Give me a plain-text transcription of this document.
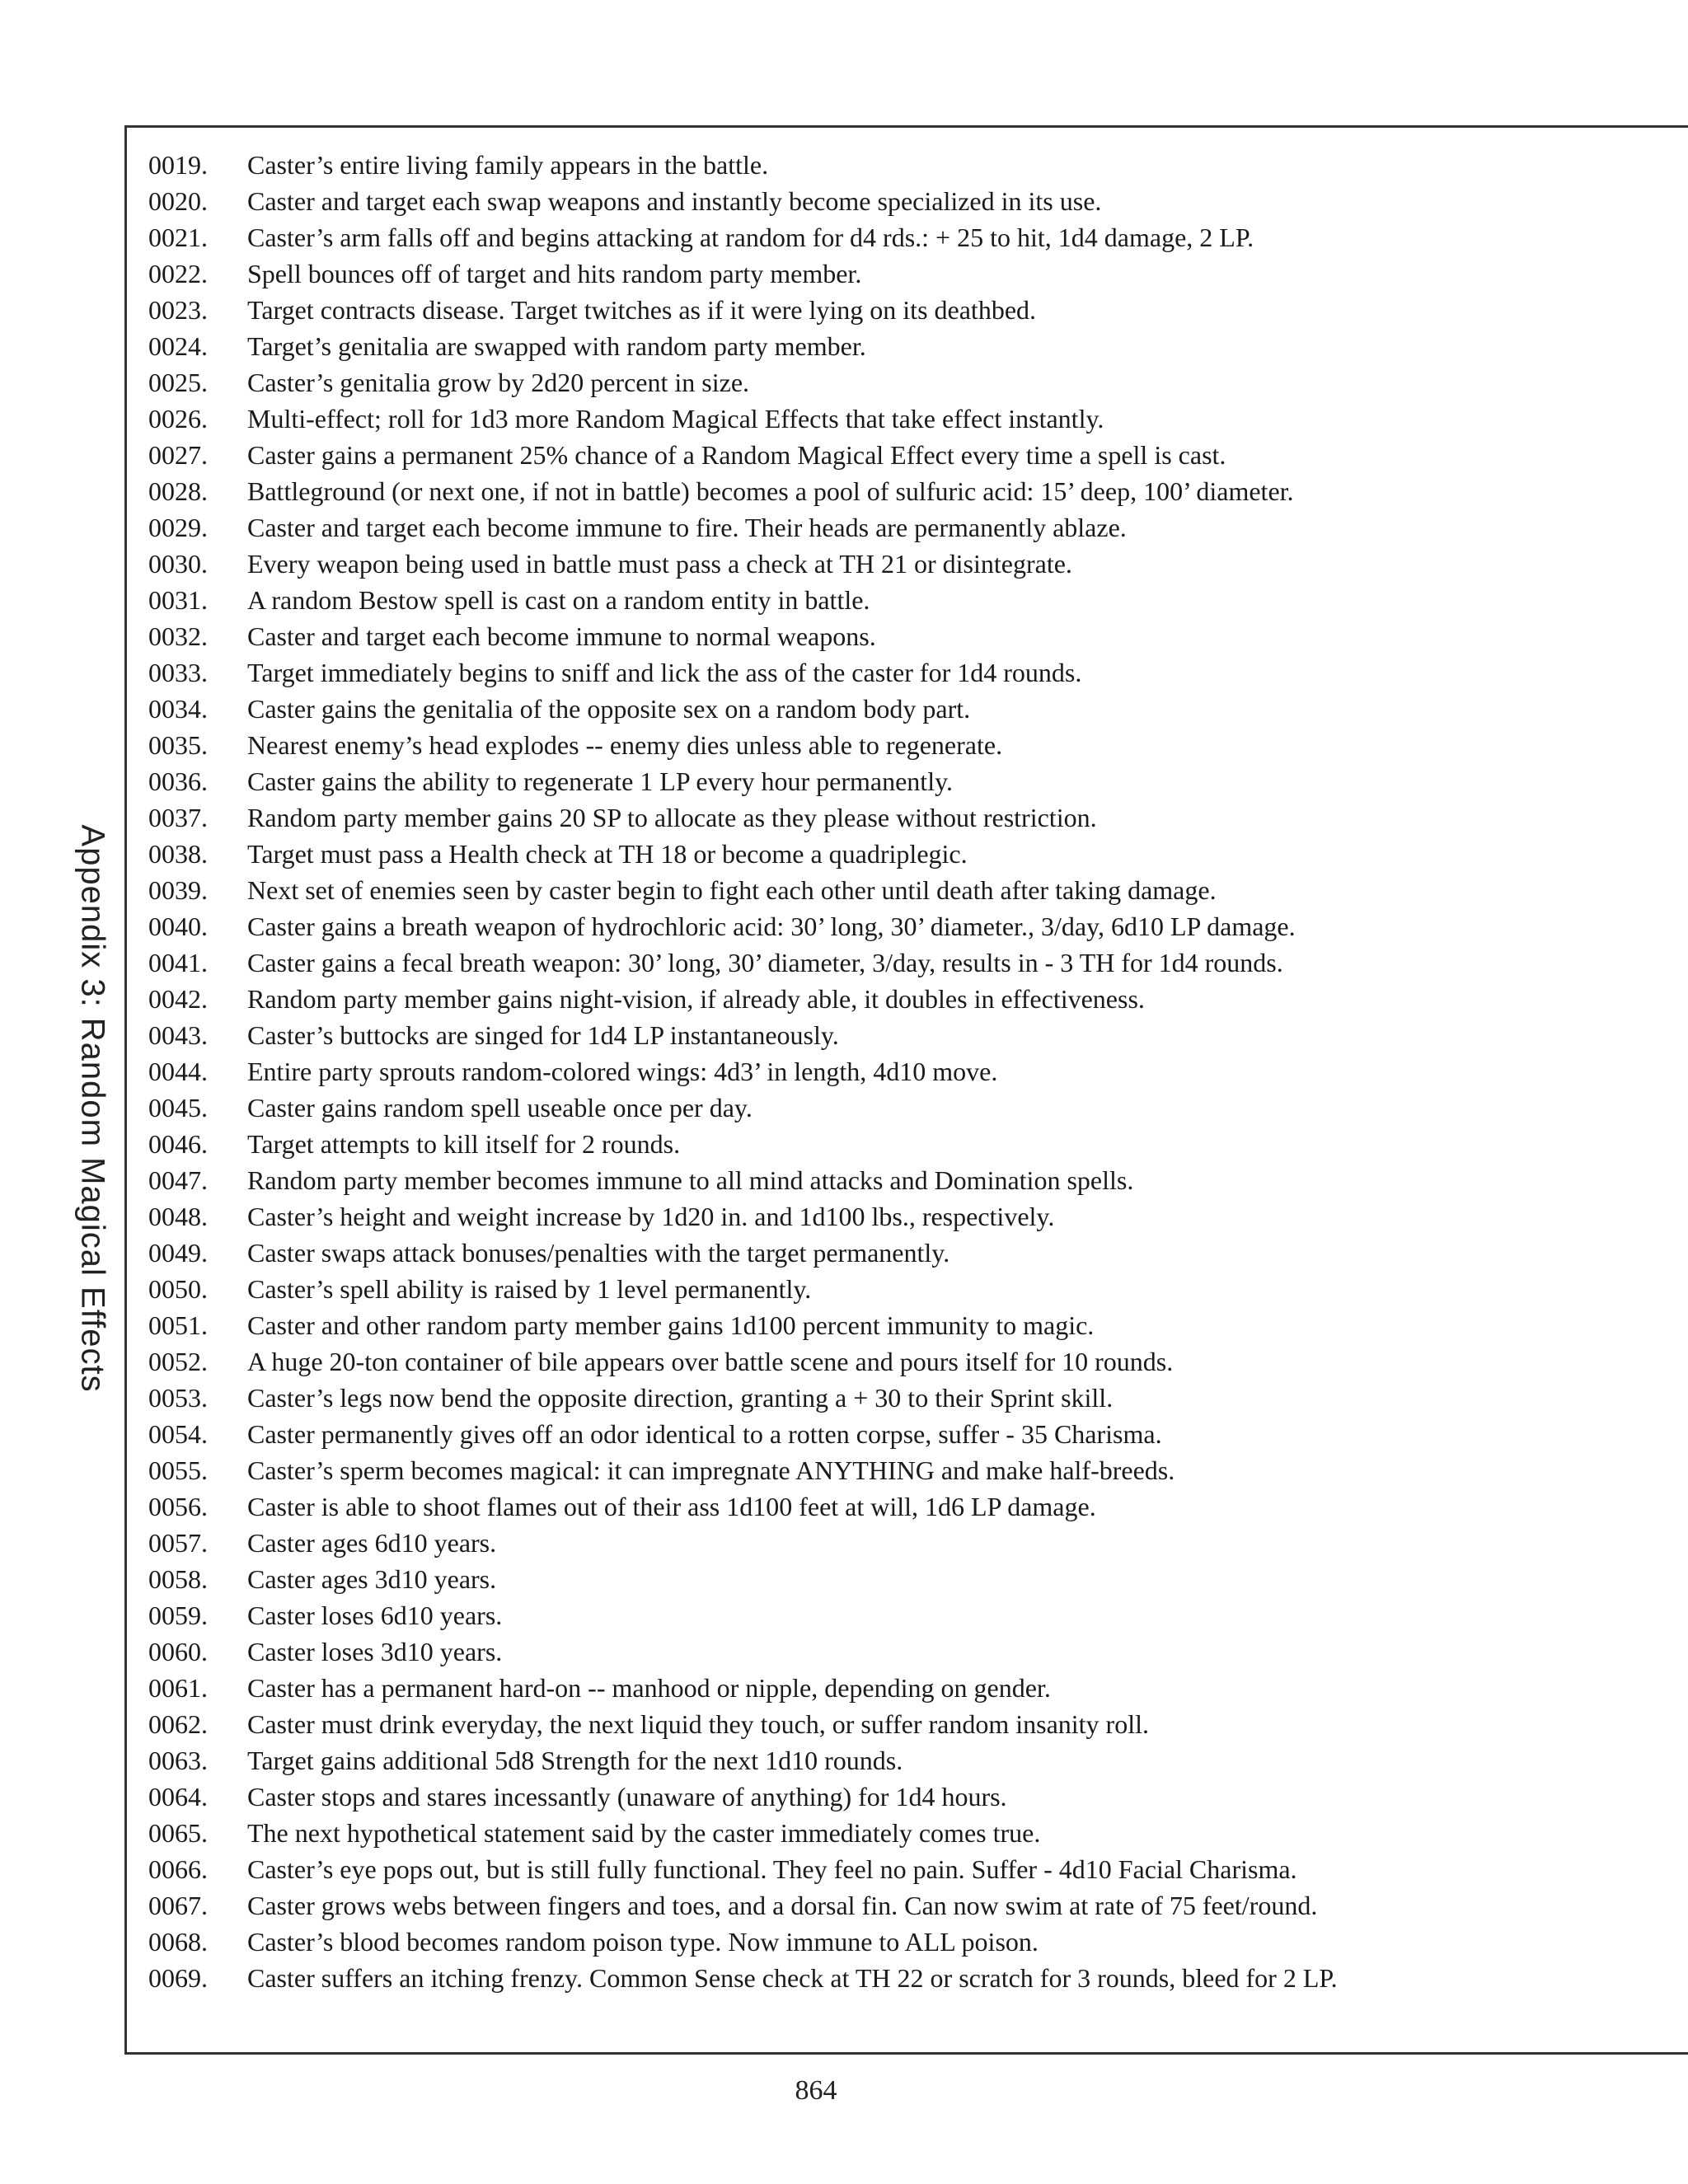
Appendix 3: Random Magical Effects
0019.	Caster’s entire living family appears in the battle.
0020.	Caster and target each swap weapons and instantly become specialized in its use.
0021.	Caster’s arm falls off and begins attacking at random for d4 rds.: + 25 to hit, 1d4 damage, 2 LP.
0022.	Spell bounces off of target and hits random party member.
0023.	Target contracts disease. Target twitches as if it were lying on its deathbed.
0024.	Target’s genitalia are swapped with random party member.
0025.	Caster’s genitalia grow by 2d20 percent in size.
0026.	Multi-effect; roll for 1d3 more Random Magical Effects that take effect instantly.
0027.	Caster gains a permanent 25% chance of a Random Magical Effect every time a spell is cast.
0028.	Battleground (or next one, if not in battle) becomes a pool of sulfuric acid: 15’ deep, 100’ diameter.
0029.	Caster and target each become immune to fire. Their heads are permanently ablaze.
0030.	Every weapon being used in battle must pass a check at TH 21 or disintegrate.
0031.	A random Bestow spell is cast on a random entity in battle.
0032.	Caster and target each become immune to normal weapons.
0033.	Target immediately begins to sniff and lick the ass of the caster for 1d4 rounds.
0034.	Caster gains the genitalia of the opposite sex on a random body part.
0035.	Nearest enemy’s head explodes -- enemy dies unless able to regenerate.
0036.	Caster gains the ability to regenerate 1 LP every hour permanently.
0037.	Random party member gains 20 SP to allocate as they please without restriction.
0038.	Target must pass a Health check at TH 18 or become a quadriplegic.
0039.	Next set of enemies seen by caster begin to fight each other until death after taking damage.
0040.	Caster gains a breath weapon of hydrochloric acid: 30’ long, 30’ diameter., 3/day, 6d10 LP damage.
0041.	Caster gains a fecal breath weapon: 30’ long, 30’ diameter, 3/day, results in - 3 TH for 1d4 rounds.
0042.	Random party member gains night-vision, if already able, it doubles in effectiveness.
0043.	Caster’s buttocks are singed for 1d4 LP instantaneously.
0044.	Entire party sprouts random-colored wings: 4d3’ in length, 4d10 move.
0045.	Caster gains random spell useable once per day.
0046.	Target attempts to kill itself for 2 rounds.
0047.	Random party member becomes immune to all mind attacks and Domination spells.
0048.	Caster’s height and weight increase by 1d20 in. and 1d100 lbs., respectively.
0049.	Caster swaps attack bonuses/penalties with the target permanently.
0050.	Caster’s spell ability is raised by 1 level permanently.
0051.	Caster and other random party member gains 1d100 percent immunity to magic.
0052.	A huge 20-ton container of bile appears over battle scene and pours itself for 10 rounds.
0053.	Caster’s legs now bend the opposite direction, granting a + 30 to their Sprint skill.
0054.	Caster permanently gives off an odor identical to a rotten corpse, suffer - 35 Charisma.
0055.	Caster’s sperm becomes magical: it can impregnate ANYTHING and make half-breeds.
0056.	Caster is able to shoot flames out of their ass 1d100 feet at will, 1d6 LP damage.
0057.	Caster ages 6d10 years.
0058.	Caster ages 3d10 years.
0059.	Caster loses 6d10 years.
0060.	Caster loses 3d10 years.
0061.	Caster has a permanent hard-on -- manhood or nipple, depending on gender.
0062.	Caster must drink everyday, the next liquid they touch, or suffer random insanity roll.
0063.	Target gains additional 5d8 Strength for the next 1d10 rounds.
0064.	Caster stops and stares incessantly (unaware of anything) for 1d4 hours.
0065.	The next hypothetical statement said by the caster immediately comes true.
0066.	Caster’s eye pops out, but is still fully functional. They feel no pain. Suffer - 4d10 Facial Charisma.
0067.	Caster grows webs between fingers and toes, and a dorsal fin. Can now swim at rate of 75 feet/round.
0068.	Caster’s blood becomes random poison type. Now immune to ALL poison.
0069.	Caster suffers an itching frenzy. Common Sense check at TH 22 or scratch for 3 rounds, bleed for 2 LP.
864
